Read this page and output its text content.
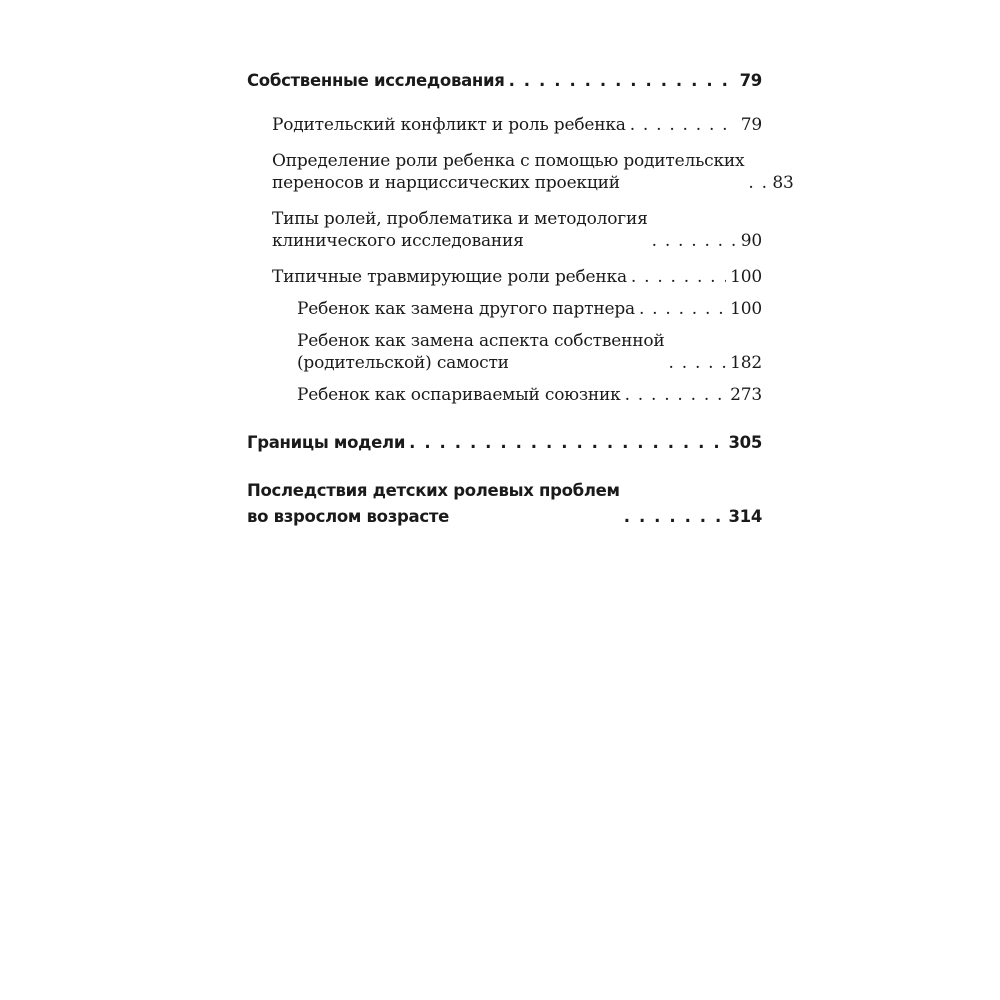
Собственные исследования . . .	79
Родительский конфликт и роль ребенка . . .	79
Определение роли ребенка с помощью родительских
переносов и нарциссических проекций . . .	83
Типы ролей, проблематика и методология
клинического исследования . . .	90
Типичные травмирующие роли ребенка . . .	100
Ребенок как замена другого партнера . . .	100
Ребенок как замена аспекта собственной
(родительской) самости . . .	182
Ребенок как оспариваемый союзник . . .	273
Границы модели . . .	305
Последствия детских ролевых проблем
во взрослом возрасте . . .	314
